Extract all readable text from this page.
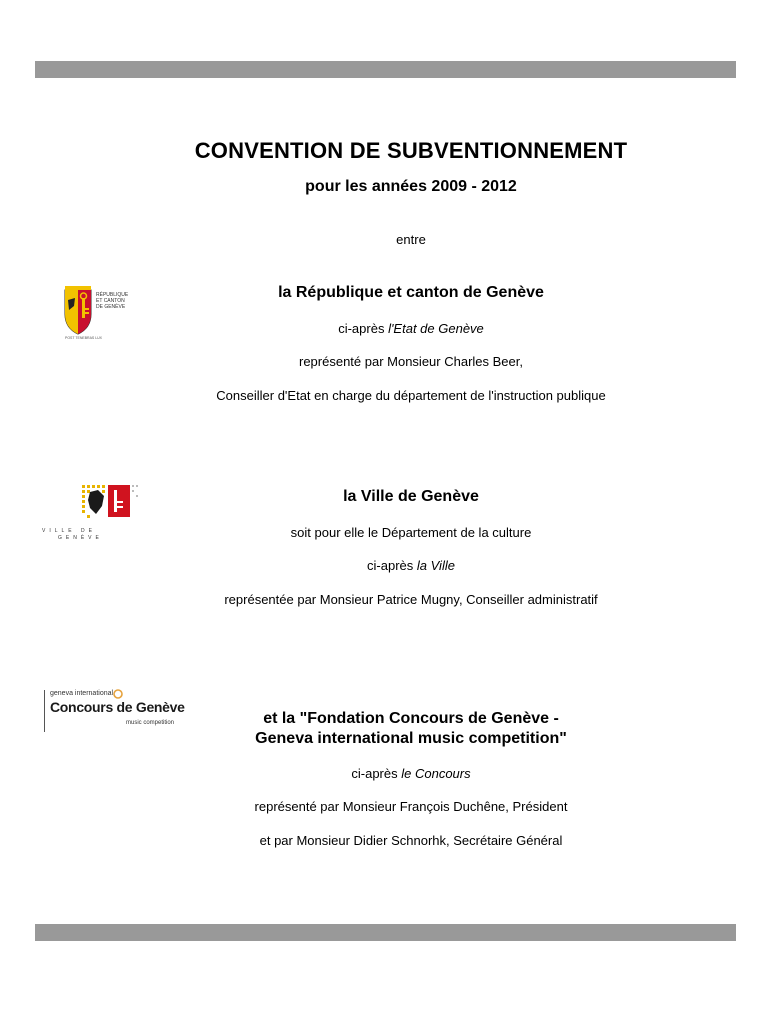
CONVENTION DE SUBVENTIONNEMENT
pour les années 2009 - 2012
entre
RÉPUBLIQUE
ET CANTON
DE GENÈVE
POST TENEBRAS LUX
la République et canton de Genève
ci-après l'Etat de Genève
représenté par Monsieur Charles Beer,
Conseiller d'Etat en charge du département de l'instruction publique
VILLE DE
GENÈVE
la Ville de Genève
soit pour elle le Département de la culture
ci-après la Ville
représentée par Monsieur Patrice Mugny, Conseiller administratif
geneva international
Concours de Genève
music competition	et la "Fondation Concours de Genève -
Geneva international music competition"
ci-après le Concours
représenté par Monsieur François Duchêne, Président
et par Monsieur Didier Schnorhk, Secrétaire Général
